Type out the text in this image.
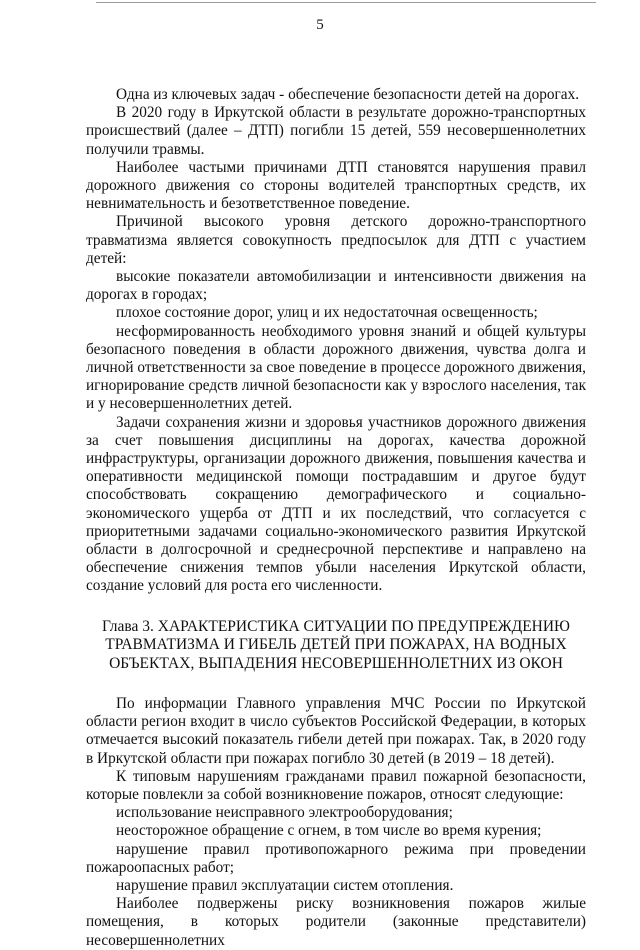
5

Одна из ключевых задач - обеспечение безопасности детей на дорогах.

В 2020 году в Иркутской области в результате дорожно-транспортных происшествий (далее – ДТП) погибли 15 детей, 559 несовершеннолетних получили травмы.

Наиболее частыми причинами ДТП становятся нарушения правил дорожного движения со стороны водителей транспортных средств, их невнимательность и безответственное поведение.

Причиной высокого уровня детского дорожно-транспортного травматизма является совокупность предпосылок для ДТП с участием детей:

высокие показатели автомобилизации и интенсивности движения на дорогах в городах;

плохое состояние дорог, улиц и их недостаточная освещенность;

несформированность необходимого уровня знаний и общей культуры безопасного поведения в области дорожного движения, чувства долга и личной ответственности за свое поведение в процессе дорожного движения, игнорирование средств личной безопасности как у взрослого населения, так и у несовершеннолетних детей.

Задачи сохранения жизни и здоровья участников дорожного движения за счет повышения дисциплины на дорогах, качества дорожной инфраструктуры, организации дорожного движения, повышения качества и оперативности медицинской помощи пострадавшим и другое будут способствовать сокращению демографического и социально-экономического ущерба от ДТП и их последствий, что согласуется с приоритетными задачами социально-экономического развития Иркутской области в долгосрочной и среднесрочной перспективе и направлено на обеспечение снижения темпов убыли населения Иркутской области, создание условий для роста его численности.

Глава 3. ХАРАКТЕРИСТИКА СИТУАЦИИ ПО ПРЕДУПРЕЖДЕНИЮ ТРАВМАТИЗМА И ГИБЕЛЬ ДЕТЕЙ ПРИ ПОЖАРАХ, НА ВОДНЫХ ОБЪЕКТАХ, ВЫПАДЕНИЯ НЕСОВЕРШЕННОЛЕТНИХ ИЗ ОКОН

По информации Главного управления МЧС России по Иркутской области регион входит в число субъектов Российской Федерации, в которых отмечается высокий показатель гибели детей при пожарах. Так, в 2020 году в Иркутской области при пожарах погибло 30 детей (в 2019 – 18 детей).

К типовым нарушениям гражданами правил пожарной безопасности, которые повлекли за собой возникновение пожаров, относят следующие:

использование неисправного электрооборудования;

неосторожное обращение с огнем, в том числе во время курения;

нарушение правил противопожарного режима при проведении пожароопасных работ;

нарушение правил эксплуатации систем отопления.

Наиболее подвержены риску возникновения пожаров жилые помещения, в которых родители (законные представители) несовершеннолетних
